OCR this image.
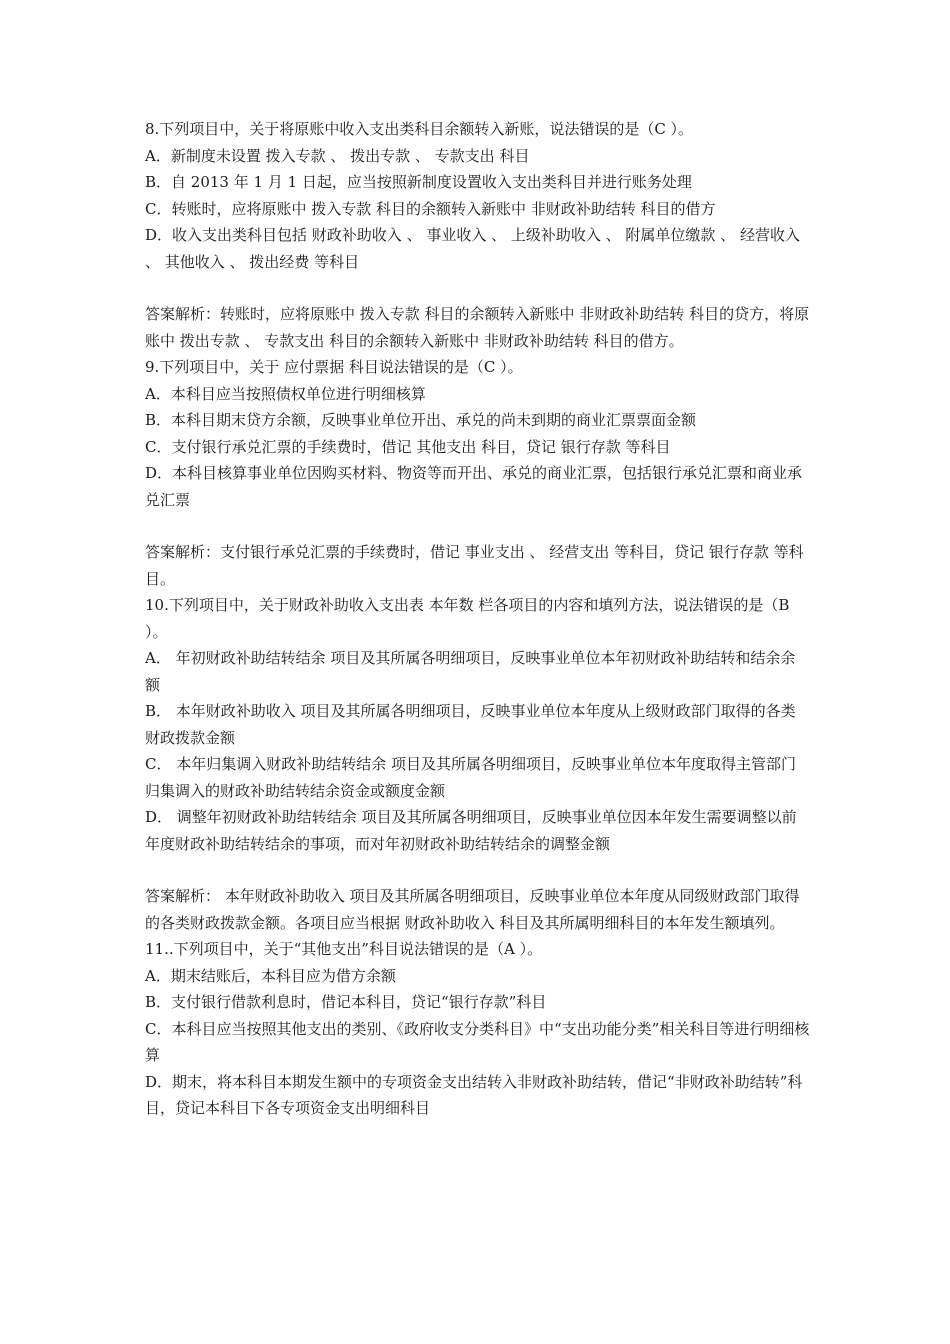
8.下列项目中，关于将原账中收入支出类科目余额转入新账，说法错误的是（C ）。

A．新制度未设置 拨入专款 、 拨出专款 、 专款支出 科目

B．自 2013 年 1 月 1 日起，应当按照新制度设置收入支出类科目并进行账务处理

C．转账时，应将原账中 拨入专款 科目的余额转入新账中 非财政补助结转 科目的借方

D．收入支出类科目包括 财政补助收入 、 事业收入 、 上级补助收入 、 附属单位缴款 、 经营收入 、 其他收入 、 拨出经费 等科目

答案解析：转账时，应将原账中 拨入专款 科目的余额转入新账中 非财政补助结转 科目的贷方，将原账中 拨出专款 、 专款支出 科目的余额转入新账中 非财政补助结转 科目的借方。

9.下列项目中，关于 应付票据 科目说法错误的是（C ）。

A．本科目应当按照债权单位进行明细核算

B．本科目期末贷方余额，反映事业单位开出、承兑的尚未到期的商业汇票票面金额

C．支付银行承兑汇票的手续费时，借记 其他支出 科目，贷记 银行存款 等科目

D．本科目核算事业单位因购买材料、物资等而开出、承兑的商业汇票，包括银行承兑汇票和商业承兑汇票

答案解析：支付银行承兑汇票的手续费时，借记 事业支出 、 经营支出 等科目，贷记 银行存款 等科目。

10.下列项目中，关于财政补助收入支出表 本年数 栏各项目的内容和填列方法，说法错误的是（B ）。

A． 年初财政补助结转结余 项目及其所属各明细项目，反映事业单位本年初财政补助结转和结余余额

B． 本年财政补助收入 项目及其所属各明细项目，反映事业单位本年度从上级财政部门取得的各类财政拨款金额

C． 本年归集调入财政补助结转结余 项目及其所属各明细项目，反映事业单位本年度取得主管部门归集调入的财政补助结转结余资金或额度金额

D． 调整年初财政补助结转结余 项目及其所属各明细项目，反映事业单位因本年发生需要调整以前年度财政补助结转结余的事项，而对年初财政补助结转结余的调整金额

答案解析： 本年财政补助收入 项目及其所属各明细项目，反映事业单位本年度从同级财政部门取得的各类财政拨款金额。各项目应当根据 财政补助收入 科目及其所属明细科目的本年发生额填列。

11..下列项目中，关于“其他支出”科目说法错误的是（A ）。

A．期末结账后，本科目应为借方余额

B．支付银行借款利息时，借记本科目，贷记“银行存款”科目

C．本科目应当按照其他支出的类别、《政府收支分类科目》中“支出功能分类”相关科目等进行明细核算

D．期末，将本科目本期发生额中的专项资金支出结转入非财政补助结转，借记“非财政补助结转”科目，贷记本科目下各专项资金支出明细科目
